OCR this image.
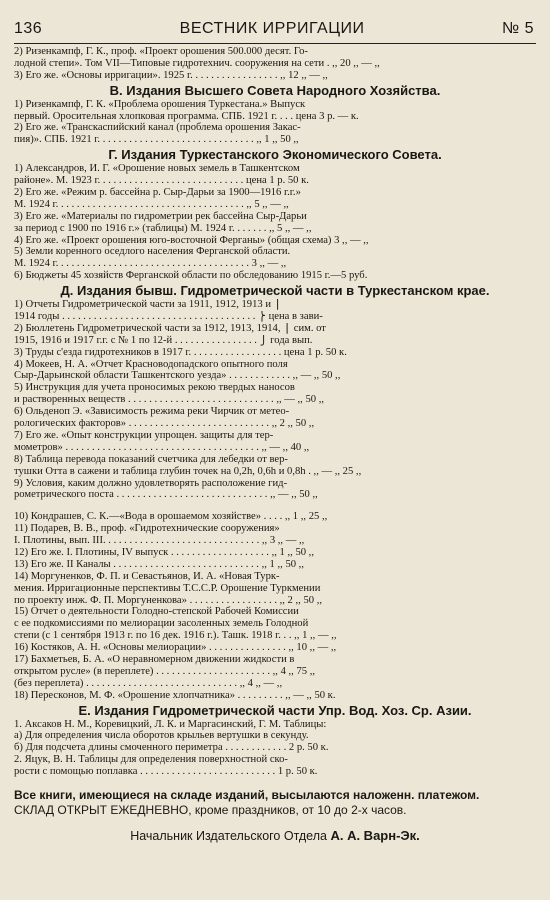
136	ВЕСТНИК ИРРИГАЦИИ	№ 5
2) Ризенкампф, Г. К., проф. «Проект орошения 500.000 десят. Го-
лодной степи». Том VII—Типовые гидротехнич. сооружения на сети . ,, 20 ,, — ,,
3) Его же. «Основы ирригации». 1925 г. . . . . . . . . . . . . . . . . ,, 12 ,, — ,,
В. Издания Высшего Совета Народного Хозяйства.
1) Ризенкампф, Г. К. «Проблема орошения Туркестана.» Выпуск
первый. Оросительная хлопковая программа. СПБ. 1921 г. . . . цена 3 р. — к.
2) Его же. «Транскаспийский канал (проблема орошения Закас-
пия)». СПБ. 1921 г. . . . . . . . . . . . . . . . . . . . . . . . . . . . . . ,, 1 ,, 50 ,,
Г. Издания Туркестанского Экономического Совета.
1) Александров, И. Г. «Орошение новых земель в Ташкентском
районе». М. 1923 г. . . . . . . . . . . . . . . . . . . . . . . . . . . . цена 1 р. 50 к.
2) Его же. «Режим р. бассейна р. Сыр-Дарьи за 1900—1916 г.г.»
М. 1924 г. . . . . . . . . . . . . . . . . . . . . . . . . . . . . . . . . . . . ,, 5 ,, — ,,
3) Его же. «Материалы по гидрометрии рек бассейна Сыр-Дарьи
за период с 1900 по 1916 г.» (таблицы) М. 1924 г. . . . . . . ,, 5 ,, — ,,
4) Его же. «Проект орошения юго-восточной Ферганы» (общая схема) 3 ,, — ,,
5) Земли коренного оседлого населения Ферганской области.
М. 1924 г. . . . . . . . . . . . . . . . . . . . . . . . . . . . . . . . . . . . . 3 ,, — ,,
6) Бюджеты 45 хозяйств Ферганской области по обследованию 1915 г.—5 руб.
Д. Издания бывш. Гидрометрической части в Туркестанском крае.
1) Отчеты Гидрометрической части за 1911, 1912, 1913 и ⎫
1914 годы . . . . . . . . . . . . . . . . . . . . . . . . . . . . . . . . . . . . . ⎬ цена в зави-
2) Бюллетень Гидрометрической части за 1912, 1913, 1914, ⎪ сим. от
1915, 1916 и 1917 г.г. с № 1 по 12-й . . . . . . . . . . . . . . . . ⎭ года вып.
3) Труды с'езда гидротехников в 1917 г. . . . . . . . . . . . . . . . . . цена 1 р. 50 к.
4) Мокеев, Н. А. «Отчет Красноводопадского опытного поля
Сыр-Дарьинской области Ташкентского уезда» . . . . . . . . . . . . ,, — ,, 50 ,,
5) Инструкция для учета проносимых рекою твердых наносов
и растворенных веществ . . . . . . . . . . . . . . . . . . . . . . . . . . . . ,, — ,, 50 ,,
6) Ольденоп Э. «Зависимость режима реки Чирчик от метео-
рологических факторов» . . . . . . . . . . . . . . . . . . . . . . . . . . . ,, 2 ,, 50 ,,
7) Его же. «Опыт конструкции упрощен. защиты для тер-
мометров» . . . . . . . . . . . . . . . . . . . . . . . . . . . . . . . . . . . . . ,, — ,, 40 ,,
8) Таблица перевода показаний счетчика для лебедки от вер-
тушки Отта в сажени и таблица глубин точек на 0,2h, 0,6h и 0,8h . ,, — ,, 25 ,,
9) Условия, каким должно удовлетворять расположение гид-
рометрического поста . . . . . . . . . . . . . . . . . . . . . . . . . . . . . ,, — ,, 50 ,,
10) Кондрашев, С. К.—«Вода в орошаемом хозяйстве» . . . . ,, 1 ,, 25 ,,
11) Подарев, В. В., проф. «Гидротехнические сооружения»
I. Плотины, вып. III. . . . . . . . . . . . . . . . . . . . . . . . . . . . . . ,, 3 ,, — ,,
12) Его же. I. Плотины, IV выпуск . . . . . . . . . . . . . . . . . . . ,, 1 ,, 50 ,,
13) Его же. II Каналы . . . . . . . . . . . . . . . . . . . . . . . . . . . . ,, 1 ,, 50 ,,
14) Моргуненков, Ф. П. и Севастьянов, И. А. «Новая Турк-
мения. Ирригационные перспективы Т.С.С.Р. Орошение Туркмении
по проекту инж. Ф. П. Моргуненкова» . . . . . . . . . . . . . . . . . ,, 2 ,, 50 ,,
15) Отчет о деятельности Голодно-степской Рабочей Комиссии
с ее подкомиссиями по мелиорации засоленных земель Голодной
степи (с 1 сентября 1913 г. по 16 дек. 1916 г.). Ташк. 1918 г. . . ,, 1 ,, — ,,
16) Костяков, А. Н. «Основы мелиорации» . . . . . . . . . . . . . . . ,, 10 ,, — ,,
17) Бахметьев, Б. А. «О неравномерном движении жидкости в
открытом русле» (в переплете) . . . . . . . . . . . . . . . . . . . . . . ,, 4 ,, 75 ,,
(без переплета) . . . . . . . . . . . . . . . . . . . . . . . . . . . . . ,, 4 ,, — ,,
18) Пересконов, М. Ф. «Орошение хлопчатника» . . . . . . . . . ,, — ,, 50 к.
Е. Издания Гидрометрической части Упр. Вод. Хоз. Ср. Азии.
1. Аксаков Н. М., Коревицкий, Л. К. и Маргасинский, Г. М. Таблицы:
а) Для определения числа оборотов крыльев вертушки в секунду.
б) Для подсчета длины смоченного периметра . . . . . . . . . . . . 2 р. 50 к.
2. Яцук, В. Н. Таблицы для определения поверхностной ско-
рости с помощью поплавка . . . . . . . . . . . . . . . . . . . . . . . . . . 1 р. 50 к.
Все книги, имеющиеся на складе изданий, высылаются наложенн. платежом.
СКЛАД ОТКРЫТ ЕЖЕДНЕВНО, кроме праздников, от 10 до 2-х часов.
Начальник Издательского Отдела А. А. Варн-Эк.
